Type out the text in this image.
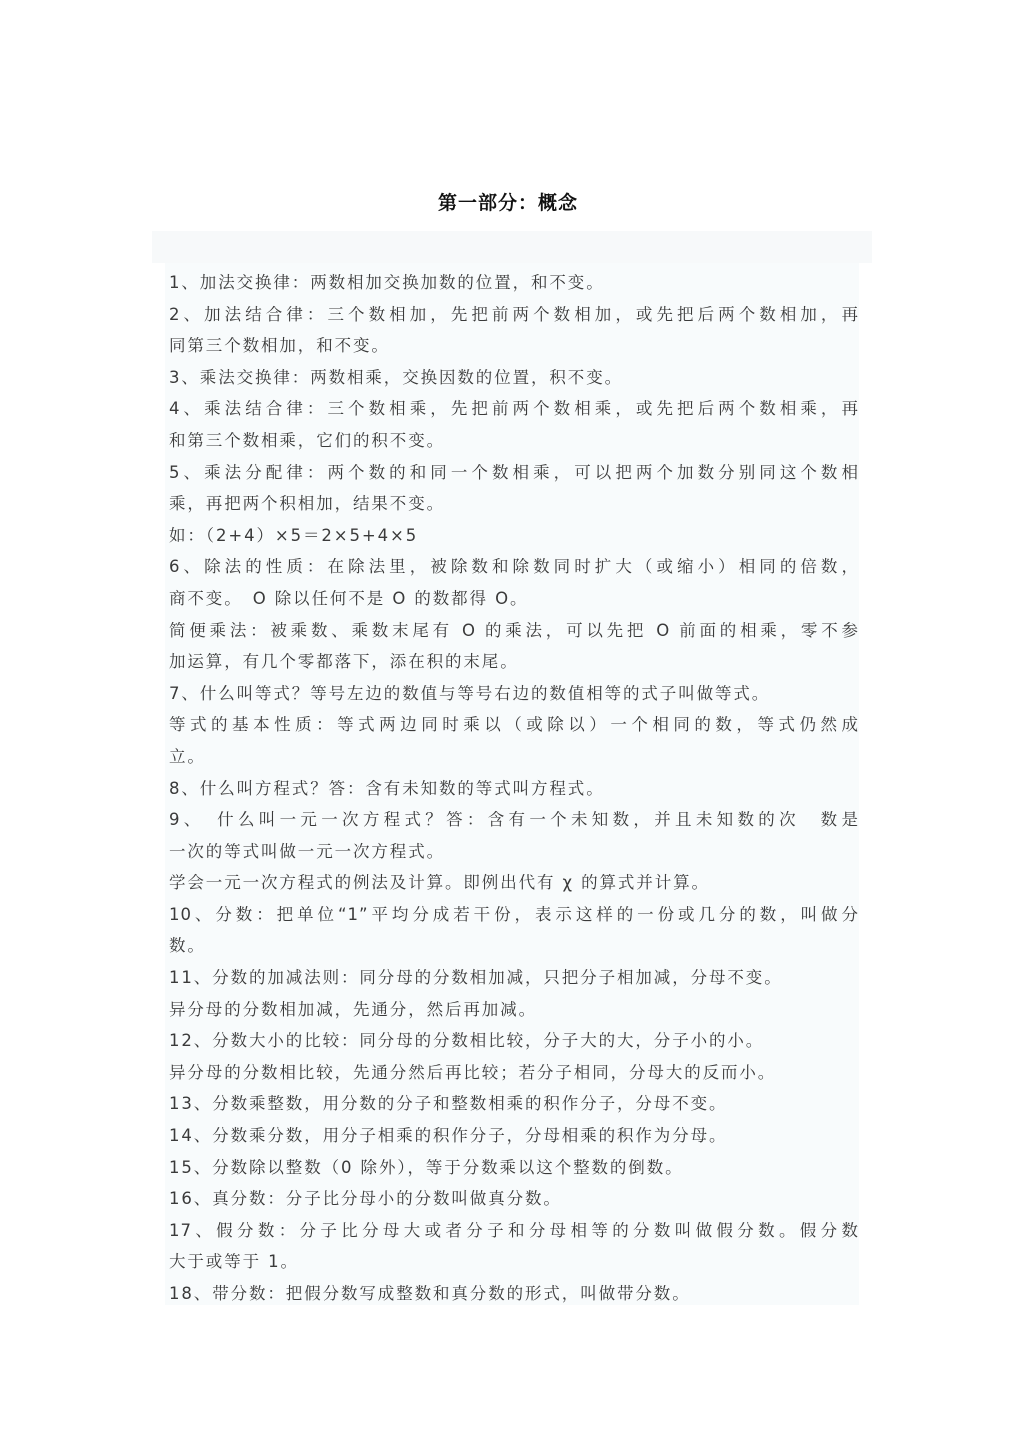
第一部分：概念
1、加法交换律：两数相加交换加数的位置，和不变。
2、加法结合律：三个数相加，先把前两个数相加，或先把后两个数相加，再
同第三个数相加，和不变。
3、乘法交换律：两数相乘，交换因数的位置，积不变。
4、乘法结合律：三个数相乘，先把前两个数相乘，或先把后两个数相乘，再
和第三个数相乘，它们的积不变。
5、乘法分配律：两个数的和同一个数相乘，可以把两个加数分别同这个数相
乘，再把两个积相加，结果不变。
如：（2+4）×5＝2×5+4×5
6、除法的性质：在除法里，被除数和除数同时扩大（或缩小）相同的倍数，
商不变。　O 除以任何不是 O 的数都得 O。
简便乘法：被乘数、乘数末尾有 O 的乘法，可以先把 O 前面的相乘，零不参
加运算，有几个零都落下，添在积的末尾。
7、什么叫等式？等号左边的数值与等号右边的数值相等的式子叫做等式。
等式的基本性质：等式两边同时乘以（或除以）一个相同的数，等式仍然成
立。
8、什么叫方程式？答：含有未知数的等式叫方程式。
9、　什么叫一元一次方程式？答：含有一个未知数，并且未知数的次　数是
一次的等式叫做一元一次方程式。
学会一元一次方程式的例法及计算。即例出代有 χ 的算式并计算。
10、分数：把单位“1”平均分成若干份，表示这样的一份或几分的数，叫做分
数。
11、分数的加减法则：同分母的分数相加减，只把分子相加减，分母不变。
异分母的分数相加减，先通分，然后再加减。
12、分数大小的比较：同分母的分数相比较，分子大的大，分子小的小。
异分母的分数相比较，先通分然后再比较；若分子相同，分母大的反而小。
13、分数乘整数，用分数的分子和整数相乘的积作分子，分母不变。
14、分数乘分数，用分子相乘的积作分子，分母相乘的积作为分母。
15、分数除以整数（0 除外），等于分数乘以这个整数的倒数。
16、真分数：分子比分母小的分数叫做真分数。
17、假分数：分子比分母大或者分子和分母相等的分数叫做假分数。假分数
大于或等于 1。
18、带分数：把假分数写成整数和真分数的形式，叫做带分数。
